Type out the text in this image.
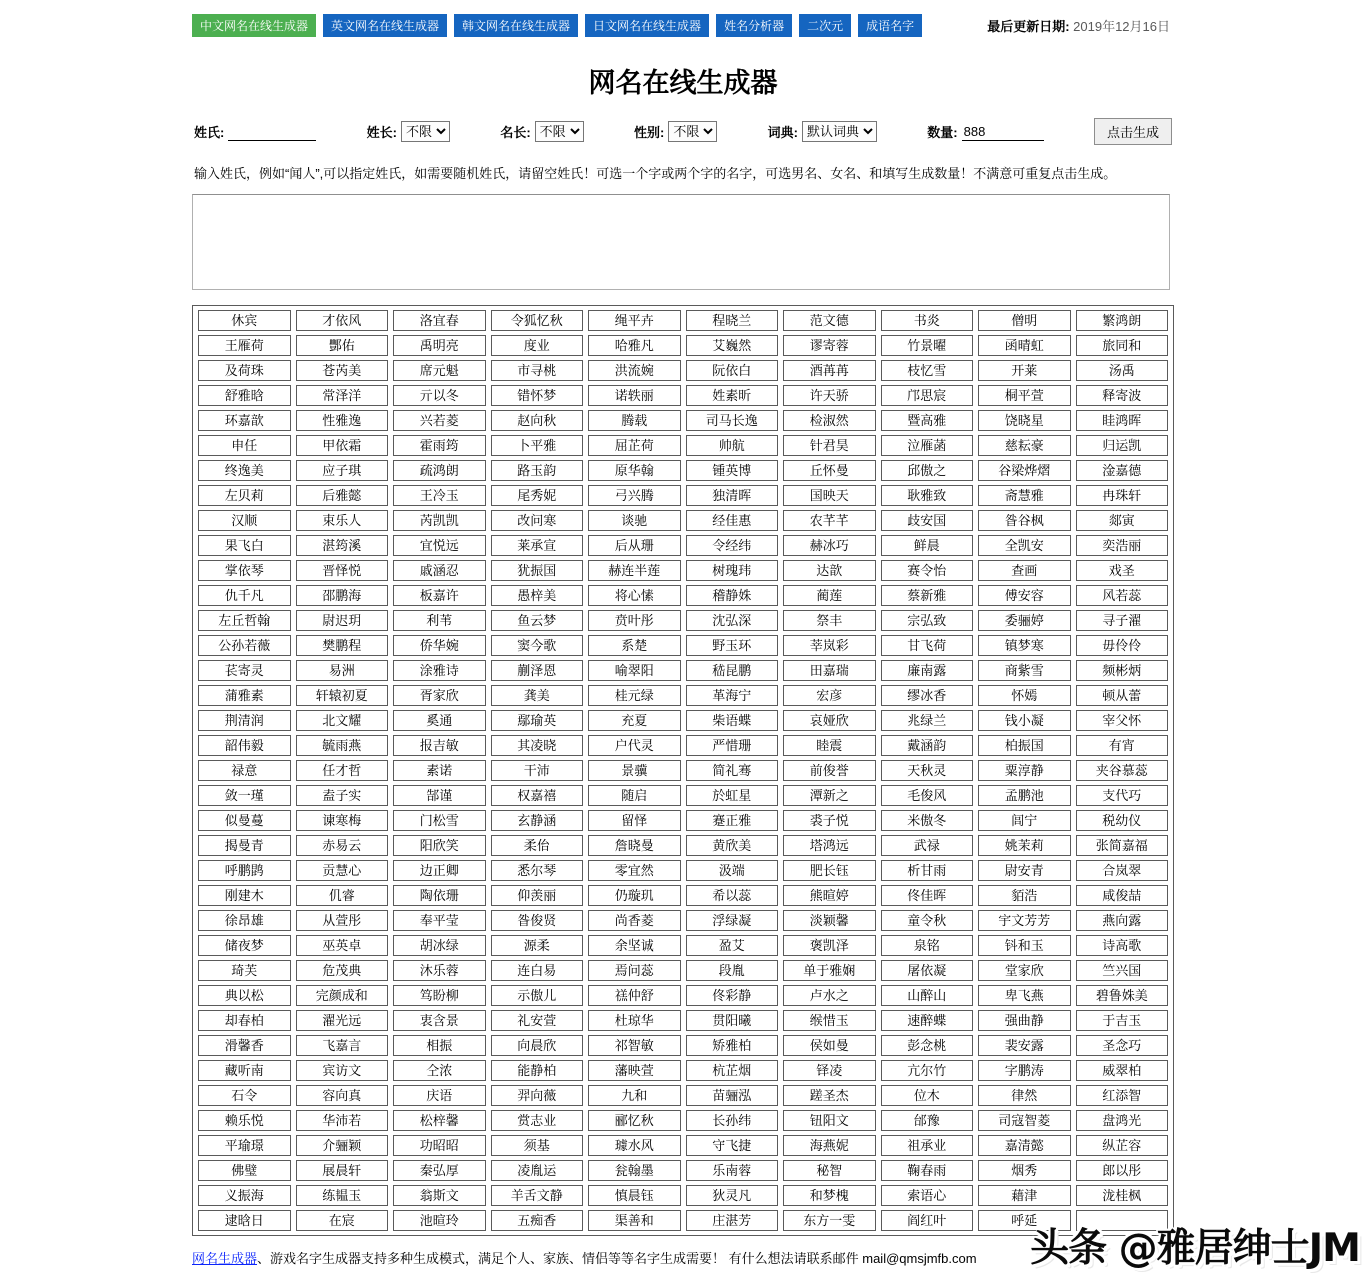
中文网名在线生成器	英文网名在线生成器	韩文网名在线生成器	日文网名在线生成器	姓名分析器	二次元	成语名字	最后更新日期: 2019年12月16日
网名在线生成器
姓氏:	姓长:
不限	名长:
不限	性别:
不限	词典:
默认词典	数量:
888	点击生成

输入姓氏，例如“闻人”,可以指定姓氏，如需要随机姓氏，请留空姓氏！可选一个字或两个字的名字，可选男名、女名、和填写生成数量！不满意可重复点击生成。

休宾	才依风	洛宜春	令狐忆秋	绳平卉	程晓兰	范文德	书炎	僧明	繁鸿朗
王雁荷	酆佑	禹明亮	度业	哈雅凡	艾巍然	谬寄蓉	竹景曜	函晴虹	旅同和
及荷珠	苍芮美	席元魁	市寻桃	洪流婉	阮依白	酒苒苒	枝忆雪	开莱	汤禹
舒雅晗	常泽洋	亓以冬	错怀梦	诺轶丽	姓素昕	许天骄	邝思宸	桐平萱	释寄波
环嘉歆	性雅逸	兴若菱	赵向秋	腾载	司马长逸	检淑然	暨高雅	饶晓星	眭鸿晖
申任	甲依霜	霍雨筠	卜平雅	屈芷荷	帅航	针君昊	泣雁菡	慈耘豪	归运凯
终逸美	应子琪	疏鸿朗	路玉韵	原华翰	锺英博	丘怀曼	邱傲之	谷梁烨熠	淦嘉德
左贝莉	后雅懿	王冷玉	尾秀妮	弓兴腾	独清晖	国映天	耿雅致	斋慧雅	冉珠轩
汉顺	束乐人	芮凯凯	改问寒	谈驰	经佳惠	农芊芊	歧安国	昝谷枫	郯寅
果飞白	湛筠溪	宜悦远	莱承宣	后从珊	令经纬	赫冰巧	鲜晨	全凯安	奕浩丽
掌依琴	晋怿悦	戚涵忍	犹振国	赫连半莲	树瑰玮	达歆	赛令怡	查画	戏圣
仇千凡	邵鹏海	板嘉许	愚梓美	将心愫	稽静姝	蔺莲	蔡新雅	傅安容	风若蕊
左丘哲翰	尉迟玥	利苇	鱼云梦	贲叶彤	沈弘深	祭丰	宗弘致	委骊婷	寻子濯
公孙若薇	樊鹏程	侨华婉	窦今歌	系楚	野玉环	莘岚彩	甘飞荷	镇梦寒	毋伶伶
苌寄灵	易洲	涂雅诗	蒯泽恩	喻翠阳	嵇昆鹏	田嘉瑞	廉南露	商紫雪	频彬炳
蒲雅素	轩辕初夏	胥家欣	龚美	桂元绿	革海宁	宏彦	缪冰香	怀嫣	顿从蕾
荆清润	北文耀	奚通	鄢瑜英	充夏	柴语蝶	哀娅欣	兆绿兰	钱小凝	宰父怀
韶伟毅	毓雨燕	报吉敏	其凌晓	户代灵	严惜珊	睦震	戴涵韵	柏振国	有宵
禄意	任才哲	素诺	干沛	景骥	简礼骞	前俊誉	天秋灵	粟淳静	夹谷慕蕊
敛一瑾	盍子实	郜谨	权嘉禧	随启	於虹星	潭新之	毛俊风	孟鹏池	支代巧
似曼蔓	谏寒梅	门松雪	玄静涵	留怿	蹇正雅	裘子悦	米傲冬	闾宁	税幼仪
揭曼青	赤易云	阳欣笑	柔佁	詹晓曼	黄欣美	塔鸿远	武禄	姚茉莉	张简嘉福
呼鹏鹍	贡慧心	边正卿	悉尔琴	零宜然	汲端	肥长钰	析甘雨	尉安青	合岚翠
刚建木	仉睿	陶依珊	仰羡丽	仍璇玑	希以蕊	熊暄婷	佟佳晖	貊浩	咸俊喆
徐昂雄	从萱彤	奉平莹	昝俊贤	尚香菱	浮绿凝	淡颖馨	童令秋	宇文芳芳	燕向露
储夜梦	巫英卓	胡冰绿	源柔	余坚诚	盈艾	褒凯泽	泉铭	钭和玉	诗高歌
琦芙	危茂典	沐乐蓉	连白易	焉问蕊	段胤	单于雅娴	屠依凝	堂家欣	竺兴国
典以松	完颜成和	笃盼柳	示傲儿	禚仲舒	佟彩静	卢水之	山醉山	卑飞燕	碧鲁姝美
却春柏	濯光远	衷含景	礼安萱	杜琼华	贯阳曦	缑惜玉	速醉蝶	强曲静	于吉玉
滑馨香	飞嘉言	相振	向晨欣	祁智敏	矫雅柏	侯如曼	彭念桃	裴安露	圣念巧
藏听南	宾访文	仝浓	能静柏	藩映萱	杭芷烟	铎凌	亢尔竹	字鹏涛	威翠柏
石令	容向真	庆语	羿向薇	九和	苗骊泓	蹉圣杰	位木	律然	红添智
赖乐悦	华沛若	松梓馨	赏志业	郦忆秋	长孙纬	钮阳文	邰豫	司寇智菱	盘鸿光
平瑜璟	介骊颖	功昭昭	须基	璩水风	守飞捷	海燕妮	祖承业	嘉清懿	纵芷容
佛璧	展晨轩	秦弘厚	凌胤运	瓮翰墨	乐南蓉	秘智	鞠春雨	烟秀	郎以彤
义振海	练韫玉	翁斯文	羊舌文静	慎晨钰	狄灵凡	和梦槐	索语心	藉津	泷桂枫
逮晗日	在宸	池暄玲	五痴香	渠善和	庄湛芳	东方一雯	阎红叶	呼延	
网名生成器、游戏名字生成器支持多种生成模式，满足个人、家族、情侣等等名字生成需要！ 有什么想法请联系邮件 mail@qmsjmfb.com	头条 @雅居绅士JM
